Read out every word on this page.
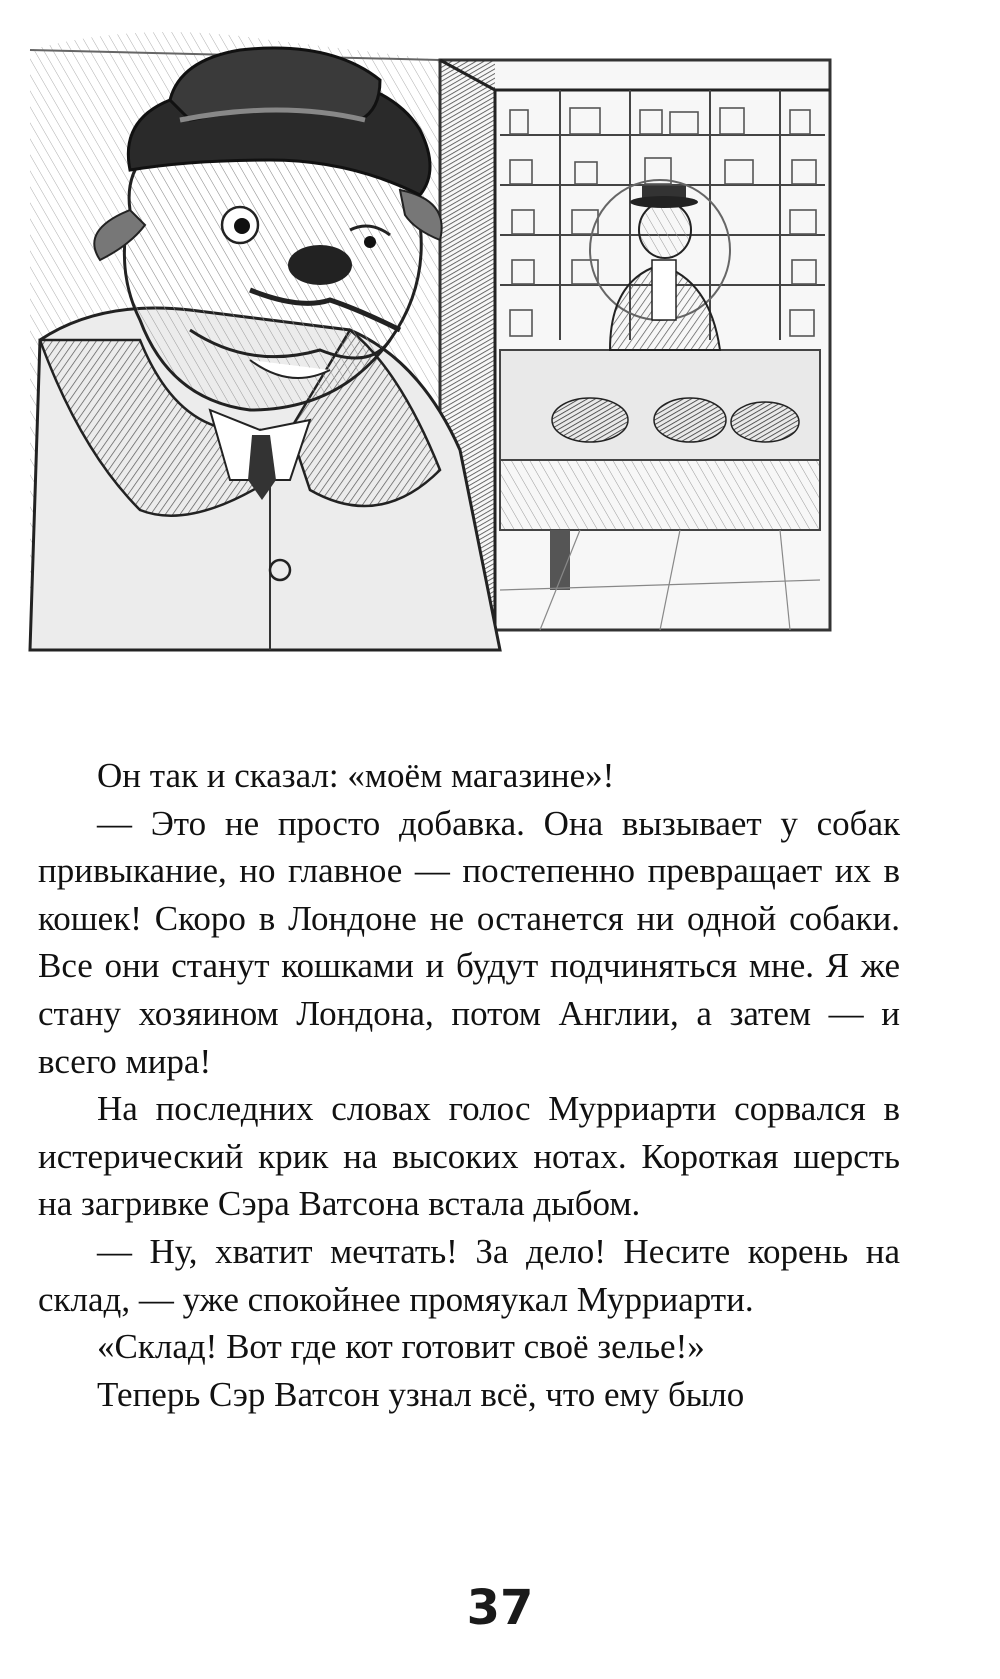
Он так и сказал: «моём магазине»!

— Это не просто добавка. Она вызывает у собак привыкание, но главное — постепенно превращает их в кошек! Скоро в Лондоне не останется ни одной собаки. Все они станут кошками и будут подчиняться мне. Я же стану хозяином Лондона, потом Англии, а затем — и всего мира!

На последних словах голос Мурриарти сорвался в истерический крик на высоких нотах. Короткая шерсть на загривке Сэра Ватсона встала дыбом.

— Ну, хватит мечтать! За дело! Несите корень на склад, — уже спокойнее промяукал Мурриарти.

«Склад! Вот где кот готовит своё зелье!»

Теперь Сэр Ватсон узнал всё, что ему было

37
